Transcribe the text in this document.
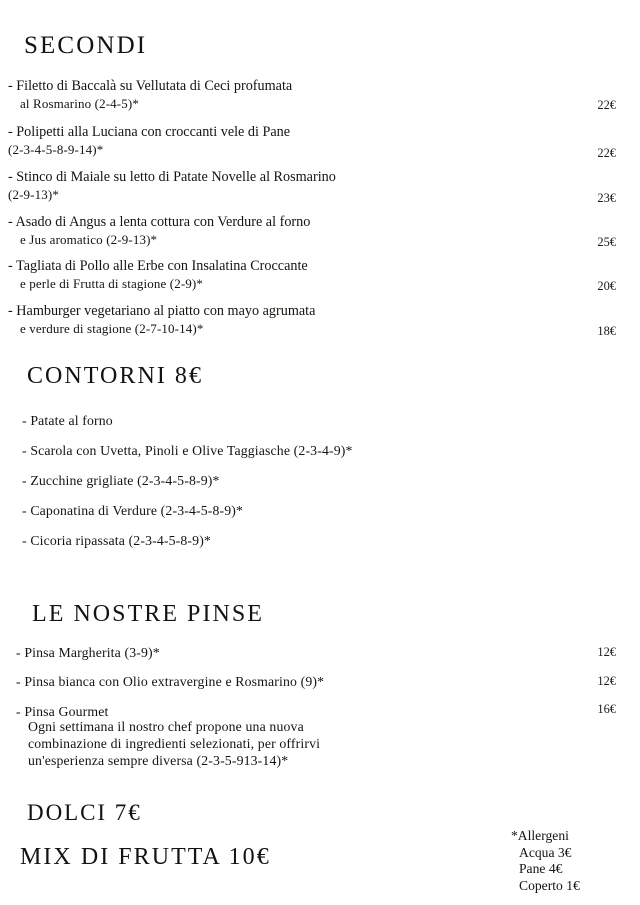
SECONDI
- Filetto di Baccalà su Vellutata di Ceci profumata
al Rosmarino (2-4-5)*	22€
- Polipetti alla Luciana con croccanti vele di Pane
(2-3-4-5-8-9-14)*	22€
- Stinco di Maiale su letto di Patate Novelle al Rosmarino
(2-9-13)*	23€
- Asado di Angus a lenta cottura con Verdure al forno
e Jus aromatico (2-9-13)*	25€
- Tagliata di Pollo alle Erbe con Insalatina Croccante
e perle di Frutta di stagione (2-9)*	20€
- Hamburger vegetariano al piatto con mayo agrumata
e verdure di stagione (2-7-10-14)*	18€
CONTORNI 8€
- Patate al forno
- Scarola con Uvetta, Pinoli e Olive Taggiasche (2-3-4-9)*
- Zucchine grigliate (2-3-4-5-8-9)*
- Caponatina di Verdure (2-3-4-5-8-9)*
- Cicoria ripassata (2-3-4-5-8-9)*
LE NOSTRE PINSE
- Pinsa Margherita (3-9)*	12€
- Pinsa bianca con Olio extravergine e Rosmarino (9)*	12€
- Pinsa Gourmet	16€
Ogni settimana il nostro chef propone una nuova
combinazione di ingredienti selezionati, per offrirvi
un'esperienza sempre diversa (2-3-5-913-14)*
DOLCI 7€
MIX DI FRUTTA 10€
*Allergeni
Acqua 3€
Pane 4€
Coperto 1€
